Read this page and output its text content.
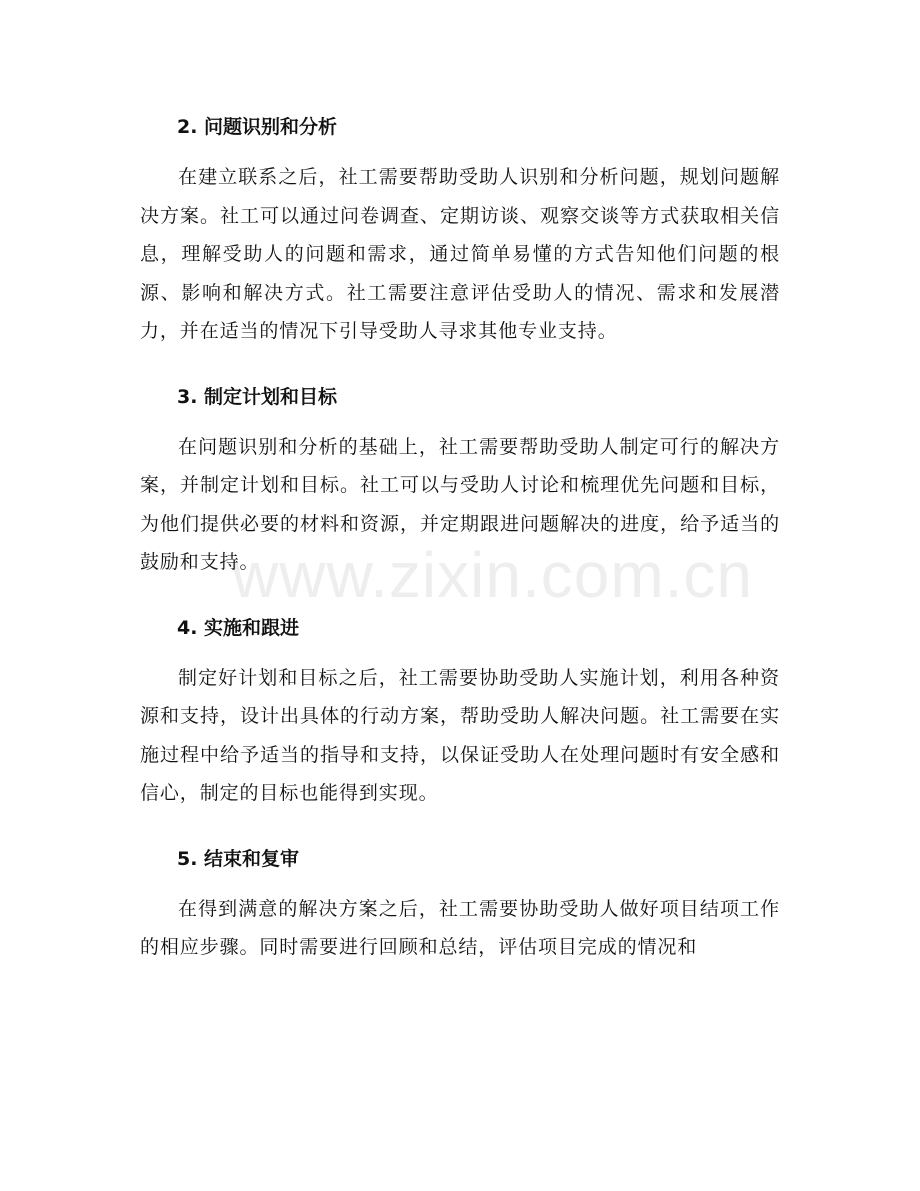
www.zixin.com.cn
2. 问题识别和分析

在建立联系之后，社工需要帮助受助人识别和分析问题，规划问题解决方案。社工可以通过问卷调查、定期访谈、观察交谈等方式获取相关信息，理解受助人的问题和需求，通过简单易懂的方式告知他们问题的根源、影响和解决方式。社工需要注意评估受助人的情况、需求和发展潜力，并在适当的情况下引导受助人寻求其他专业支持。

3. 制定计划和目标

在问题识别和分析的基础上，社工需要帮助受助人制定可行的解决方案，并制定计划和目标。社工可以与受助人讨论和梳理优先问题和目标，为他们提供必要的材料和资源，并定期跟进问题解决的进度，给予适当的鼓励和支持。

4. 实施和跟进

制定好计划和目标之后，社工需要协助受助人实施计划，利用各种资源和支持，设计出具体的行动方案，帮助受助人解决问题。社工需要在实施过程中给予适当的指导和支持，以保证受助人在处理问题时有安全感和信心，制定的目标也能得到实现。

5. 结束和复审

在得到满意的解决方案之后，社工需要协助受助人做好项目结项工作的相应步骤。同时需要进行回顾和总结，评估项目完成的情况和
